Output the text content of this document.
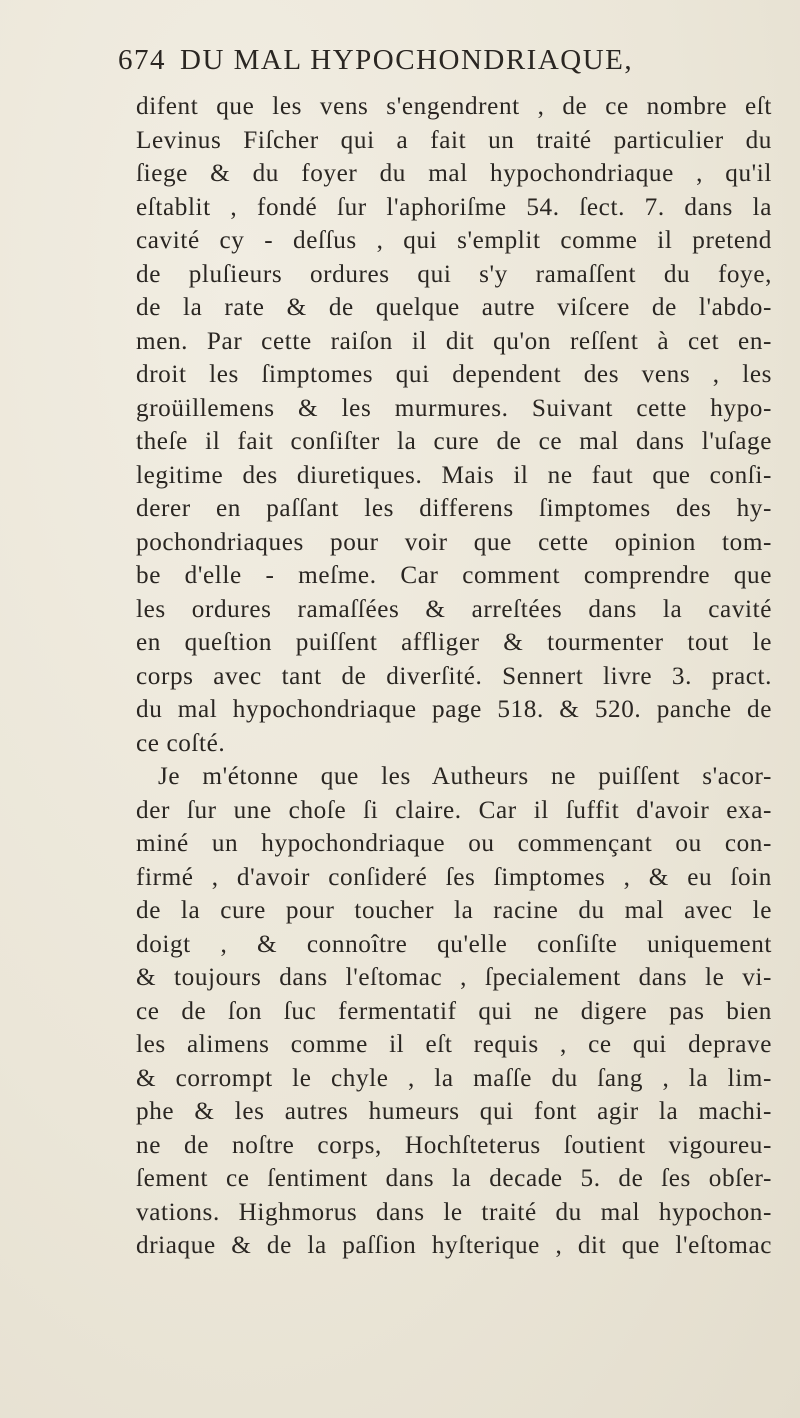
674 DU MAL HYPOCHONDRIAQUE,
difent que les vens s'engendrent , de ce nombre eſt
Levinus Fiſcher qui a fait un traité particulier du
ſiege & du foyer du mal hypochondriaque , qu'il
eſtablit , fondé ſur l'aphoriſme 54. ſect. 7. dans la
cavité cy - deſſus , qui s'emplit comme il pretend
de pluſieurs ordures qui s'y ramaſſent du foye,
de la rate & de quelque autre viſcere de l'abdo-
men. Par cette raiſon il dit qu'on reſſent à cet en-
droit les ſimptomes qui dependent des vens , les
groüillemens & les murmures. Suivant cette hypo-
theſe il fait conſiſter la cure de ce mal dans l'uſage
legitime des diuretiques. Mais il ne faut que conſi-
derer en paſſant les differens ſimptomes des hy-
pochondriaques pour voir que cette opinion tom-
be d'elle - meſme. Car comment comprendre que
les ordures ramaſſées & arreſtées dans la cavité
en queſtion puiſſent affliger & tourmenter tout le
corps avec tant de diverſité. Sennert livre 3. pract.
du mal hypochondriaque page 518. & 520. panche de
ce coſté.
Je m'étonne que les Autheurs ne puiſſent s'acor-
der ſur une choſe ſi claire. Car il ſuffit d'avoir exa-
miné un hypochondriaque ou commençant ou con-
firmé , d'avoir conſideré ſes ſimptomes , & eu ſoin
de la cure pour toucher la racine du mal avec le
doigt , & connoître qu'elle conſiſte uniquement
& toujours dans l'eſtomac , ſpecialement dans le vi-
ce de ſon ſuc fermentatif qui ne digere pas bien
les alimens comme il eſt requis , ce qui deprave
& corrompt le chyle , la maſſe du ſang , la lim-
phe & les autres humeurs qui font agir la machi-
ne de noſtre corps, Hochſteterus ſoutient vigoureu-
ſement ce ſentiment dans la decade 5. de ſes obſer-
vations. Highmorus dans le traité du mal hypochon-
driaque & de la paſſion hyſterique , dit que l'eſtomac
